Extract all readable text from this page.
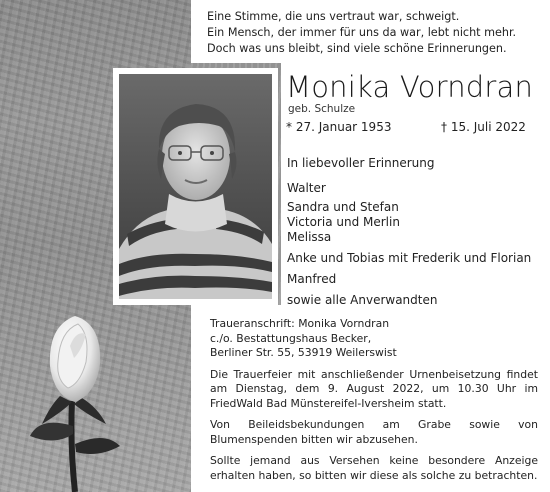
Eine Stimme, die uns vertraut war, schweigt.
Ein Mensch, der immer für uns da war, lebt nicht mehr.
Doch was uns bleibt, sind viele schöne Erinnerungen.
Monika Vorndran
geb. Schulze
* 27. Januar 1953	† 15. Juli 2022
In liebevoller Erinnerung
Walter
Sandra und Stefan
Victoria und Merlin
Melissa
Anke und Tobias mit Frederik und Florian
Manfred
sowie alle Anverwandten

Traueranschrift: Monika Vorndran
c./o. Bestattungshaus Becker,
Berliner Str. 55, 53919 Weilerswist

Die Trauerfeier mit anschließender Urnenbeisetzung findet am Dienstag, dem 9. August 2022, um 10.30 Uhr im FriedWald Bad Münstereifel-Iversheim statt.

Von Beileidsbekundungen am Grabe sowie von Blumenspenden bitten wir abzusehen.

Sollte jemand aus Versehen keine besondere Anzeige erhalten haben, so bitten wir diese als solche zu betrachten.
